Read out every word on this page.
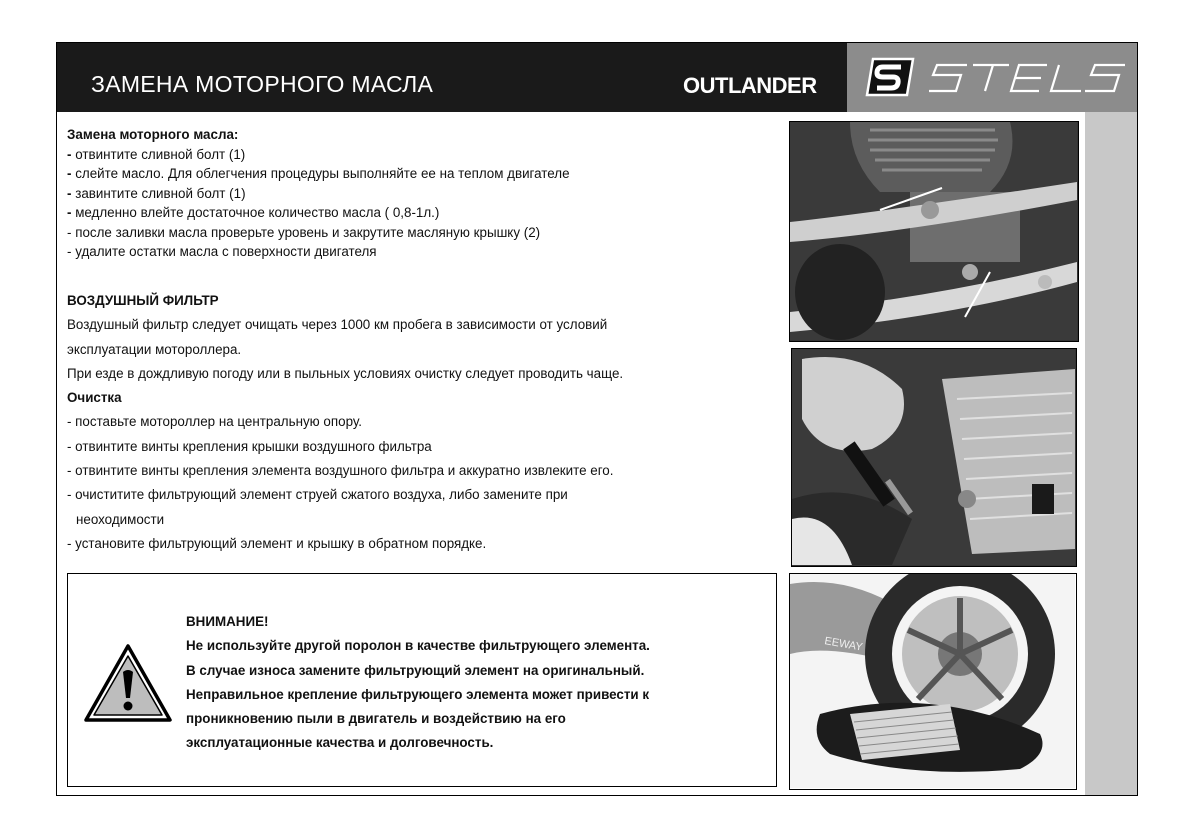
ЗАМЕНА МОТОРНОГО МАСЛА	OUTLANDER

Замена моторного масла:

- отвинтите сливной болт (1)

- слейте масло. Для облегчения процедуры выполняйте ее на теплом двигателе

- завинтите сливной болт (1)

- медленно влейте достаточное количество масла ( 0,8-1л.)

- после заливки масла проверьте уровень и закрутите масляную крышку (2)

- удалите остатки масла с поверхности двигателя

ВОЗДУШНЫЙ ФИЛЬТР

Воздушный фильтр следует очищать через 1000 км пробега в зависимости от условий

эксплуатации мотороллера.

При езде в дождливую погоду или в пыльных условиях очистку следует проводить чаще.

Очистка

- поставьте мотороллер на центральную опору.

- отвинтите винты крепления крышки воздушного фильтра

- отвинтите винты крепления элемента воздушного фильтра и аккуратно извлеките его.

- очиститите фильтрующий элемент струей сжатого воздуха, либо замените при

неоходимости

- установите фильтрующий элемент и крышку в обратном порядке.

ВНИМАНИЕ!

Не используйте другой поролон в качестве фильтрующего элемента.

В случае износа замените фильтрующий элемент на оригинальный.

Неправильное крепление фильтрующего элемента может привести к

проникновению пыли в двигатель и воздействию на его

эксплуатационные качества и долговечность.

EEWAY
